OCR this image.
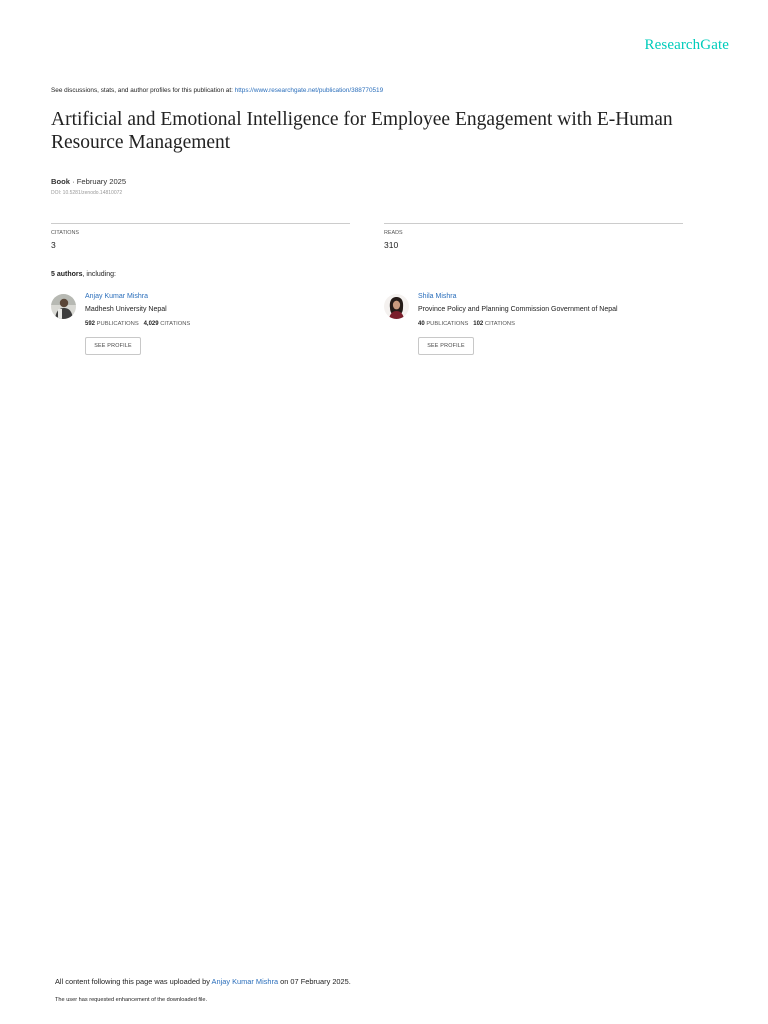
ResearchGate
See discussions, stats, and author profiles for this publication at: https://www.researchgate.net/publication/388770519
Artificial and Emotional Intelligence for Employee Engagement with E-Human Resource Management
Book · February 2025
DOI: 10.5281/zenodo.14810072
CITATIONS
3
READS
310
5 authors, including:
Anjay Kumar Mishra
Madhesh University Nepal
592 PUBLICATIONS 4,029 CITATIONS
SEE PROFILE
Shila Mishra
Province Policy and Planning Commission Government of Nepal
40 PUBLICATIONS 102 CITATIONS
SEE PROFILE
All content following this page was uploaded by Anjay Kumar Mishra on 07 February 2025.
The user has requested enhancement of the downloaded file.
